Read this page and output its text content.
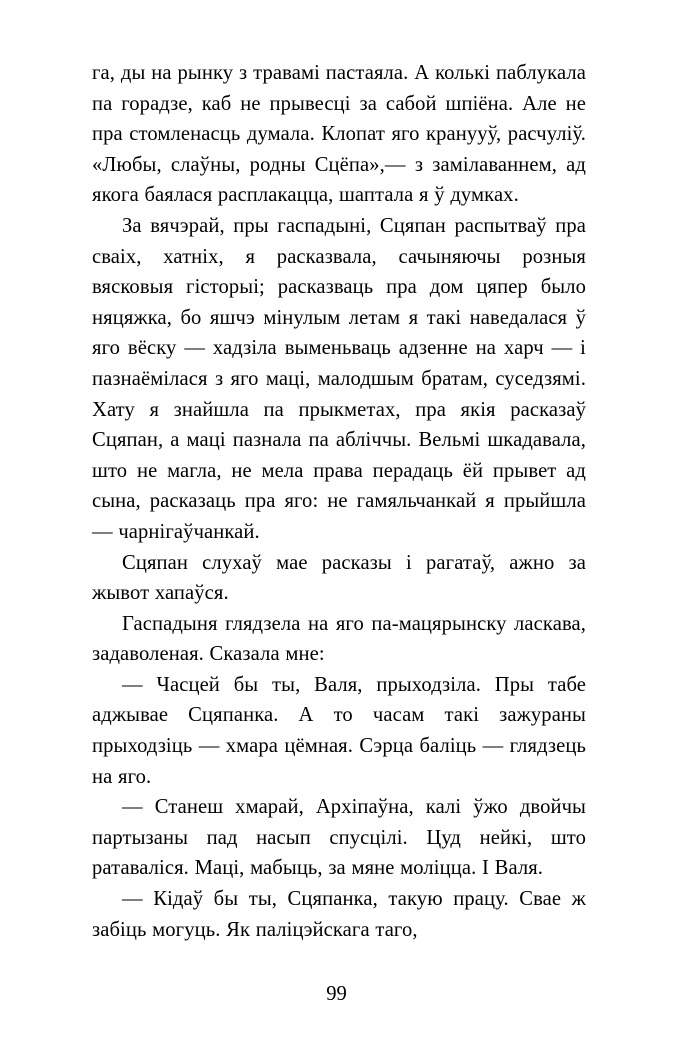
га, ды на рынку з травамі пастаяла. А колькі паблукала па горадзе, каб не прывесці за сабой шпіёна. Але не пра стомленасць думала. Клопат яго кранууў, расчуліў. «Любы, слаўны, родны Сцёпа»,— з замілаваннем, ад якога баялася расплакацца, шаптала я ў думках.

За вячэрай, пры гаспадыні, Сцяпан распытваў пра сваіх, хатніх, я расказвала, сачыняючы розныя вясковыя гісторыі; расказваць пра дом цяпер было няцяжка, бо яшчэ мінулым летам я такі наведалася ў яго вёску — хадзіла выменьваць адзенне на харч — і пазнаёмілася з яго маці, малодшым братам, суседзямі. Хату я знайшла па прыкметах, пра якія расказаў Сцяпан, а маці пазнала па абліччы. Вельмі шкадавала, што не магла, не мела права перадаць ёй прывет ад сына, расказаць пра яго: не гамяльчанкай я прыйшла — чарнігаўчанкай.

Сцяпан слухаў мае расказы і рагатаў, ажно за жывот хапаўся.

Гаспадыня глядзела на яго па-мацярынску ласкава, задаволеная. Сказала мне:

— Часцей бы ты, Валя, прыходзіла. Пры табе аджывае Сцяпанка. А то часам такі зажураны прыходзіць — хмара цёмная. Сэрца баліць — глядзець на яго.

— Станеш хмарай, Архіпаўна, калі ўжо двойчы партызаны пад насып спусцілі. Цуд нейкі, што ратаваліся. Маці, мабыць, за мяне моліцца. І Валя.

— Кідаў бы ты, Сцяпанка, такую працу. Свае ж забіць могуць. Як паліцэйскага таго,

99
